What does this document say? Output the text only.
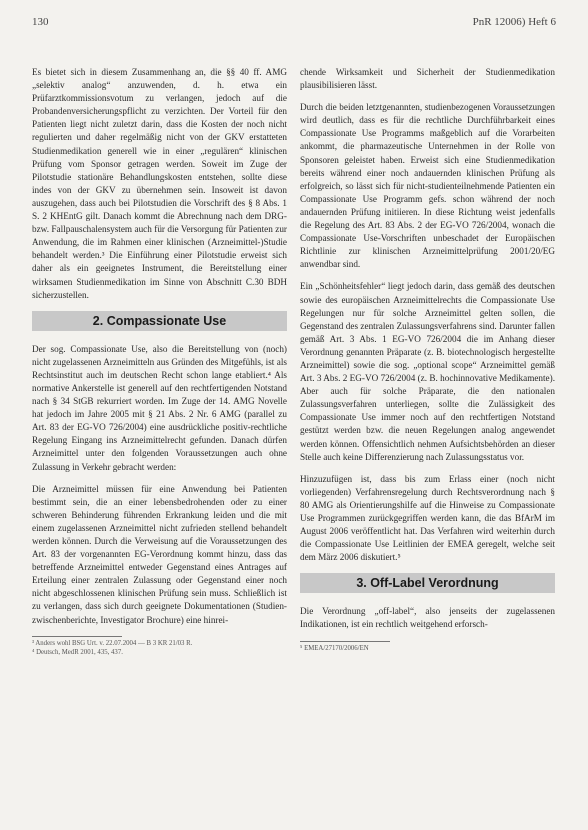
130	PnR 12006) Heft 6

Es bietet sich in diesem Zusammenhang an, die §§ 40 ff. AMG „selektiv analog“ anzuwenden, d. h. etwa ein Prüfarztkommissionsvotum zu verlangen, jedoch auf die Probandenversicherungspflicht zu verzichten. Der Vorteil für den Patienten liegt nicht zuletzt darin, dass die Kosten der noch nicht regulierten und daher regelmäßig nicht von der GKV erstatteten Studienmedikation generell wie in einer „regulären“ klinischen Prüfung vom Sponsor getragen werden. Soweit im Zuge der Pilotstudie stationäre Behandlungskosten entstehen, sollte diese indes von der GKV zu übernehmen sein. Insoweit ist davon auszugehen, dass auch bei Pilotstudien die Vorschrift des § 8 Abs. 1 S. 2 KHEntG gilt. Danach kommt die Abrechnung nach dem DRG- bzw. Fallpauschalensystem auch für die Versorgung für Patienten zur Anwendung, die im Rahmen einer klinischen (Arzneimittel-)Studie behandelt werden.³ Die Einführung einer Pilotstudie erweist sich daher als ein geeignetes Instrument, die Bereitstellung einer wirksamen Studienmedikation im Sinne von Abschnitt C.30 BDH sicherzustellen.

2. Compassionate Use

Der sog. Compassionate Use, also die Bereitstellung von (noch) nicht zugelassenen Arzneimitteln aus Gründen des Mitgefühls, ist als Rechtsinstitut auch im deutschen Recht schon lange etabliert.⁴ Als normative Ankerstelle ist generell auf den rechtfertigenden Notstand nach § 34 StGB rekurriert worden. Im Zuge der 14. AMG Novelle hat jedoch im Jahre 2005 mit § 21 Abs. 2 Nr. 6 AMG (parallel zu Art. 83 der EG-VO 726/2004) eine ausdrückliche positiv-rechtliche Regelung Eingang ins Arzneimittelrecht gefunden. Danach dürfen Arzneimittel unter den folgenden Voraussetzungen auch ohne Zulassung in Verkehr gebracht werden:

Die Arzneimittel müssen für eine Anwendung bei Patienten bestimmt sein, die an einer lebensbedrohenden oder zu einer schweren Behinderung führenden Erkrankung leiden und die mit einem zugelassenen Arzneimittel nicht zufrieden stellend behandelt werden können. Durch die Verweisung auf die Voraussetzungen des Art. 83 der vorgenannten EG-Verordnung kommt hinzu, dass das betreffende Arzneimittel entweder Gegenstand eines Antrages auf Erteilung einer zentralen Zulassung oder Gegenstand einer noch nicht abgeschlossenen klinischen Prüfung sein muss. Schließlich ist zu verlangen, dass sich durch geeignete Dokumentationen (Studien-zwischenberichte, Investigator Brochure) eine hinrei-

³ Anders wohl BSG Urt. v. 22.07.2004 — B 3 KR 21/03 R.
⁴ Deutsch, MedR 2001, 435, 437.

chende Wirksamkeit und Sicherheit der Studienmedikation plausibilisieren lässt.

Durch die beiden letztgenannten, studienbezogenen Voraussetzungen wird deutlich, dass es für die rechtliche Durchführbarkeit eines Compassionate Use Programms maßgeblich auf die Vorarbeiten ankommt, die pharmazeutische Unternehmen in der Rolle von Sponsoren geleistet haben. Erweist sich eine Studienmedikation bereits während einer noch andauernden klinischen Prüfung als erfolgreich, so lässt sich für nicht-studienteilnehmende Patienten ein Compassionate Use Programm gefs. schon während der noch andauernden Prüfung initiieren. In diese Richtung weist jedenfalls die Regelung des Art. 83 Abs. 2 der EG-VO 726/2004, wonach die Compassionate Use-Vorschriften unbeschadet der Europäischen Richtlinie zur klinischen Arzneimittelprüfung 2001/20/EG anwendbar sind.

Ein „Schönheitsfehler“ liegt jedoch darin, dass gemäß des deutschen sowie des europäischen Arzneimittelrechts die Compassionate Use Regelungen nur für solche Arzneimittel gelten sollen, die Gegenstand des zentralen Zulassungsverfahrens sind. Darunter fallen gemäß Art. 3 Abs. 1 EG-VO 726/2004 die im Anhang dieser Verordnung genannten Präparate (z. B. biotechnologisch hergestellte Arzneimittel) sowie die sog. „optional scope“ Arzneimittel gemäß Art. 3 Abs. 2 EG-VO 726/2004 (z. B. hochinnovative Medikamente). Aber auch für solche Präparate, die den nationalen Zulassungsverfahren unterliegen, sollte die Zulässigkeit des Compassionate Use immer noch auf den rechtfertigen Notstand gestützt werden bzw. die neuen Regelungen analog angewendet werden können. Offensichtlich nehmen Aufsichtsbehörden an dieser Stelle auch keine Differenzierung nach Zulassungsstatus vor.

Hinzuzufügen ist, dass bis zum Erlass einer (noch nicht vorliegenden) Verfahrensregelung durch Rechtsverordnung nach § 80 AMG als Orientierungshilfe auf die Hinweise zu Compassionate Use Programmen zurückgegriffen werden kann, die das BfArM im August 2006 veröffentlicht hat. Das Verfahren wird weiterhin durch die Compassionate Use Leitlinien der EMEA geregelt, welche seit dem März 2006 diskutiert.⁵

3. Off-Label Verordnung

Die Verordnung „off-label“, also jenseits der zugelassenen Indikationen, ist ein rechtlich weitgehend erforsch-

⁵ EMEA/27170/2006/EN
